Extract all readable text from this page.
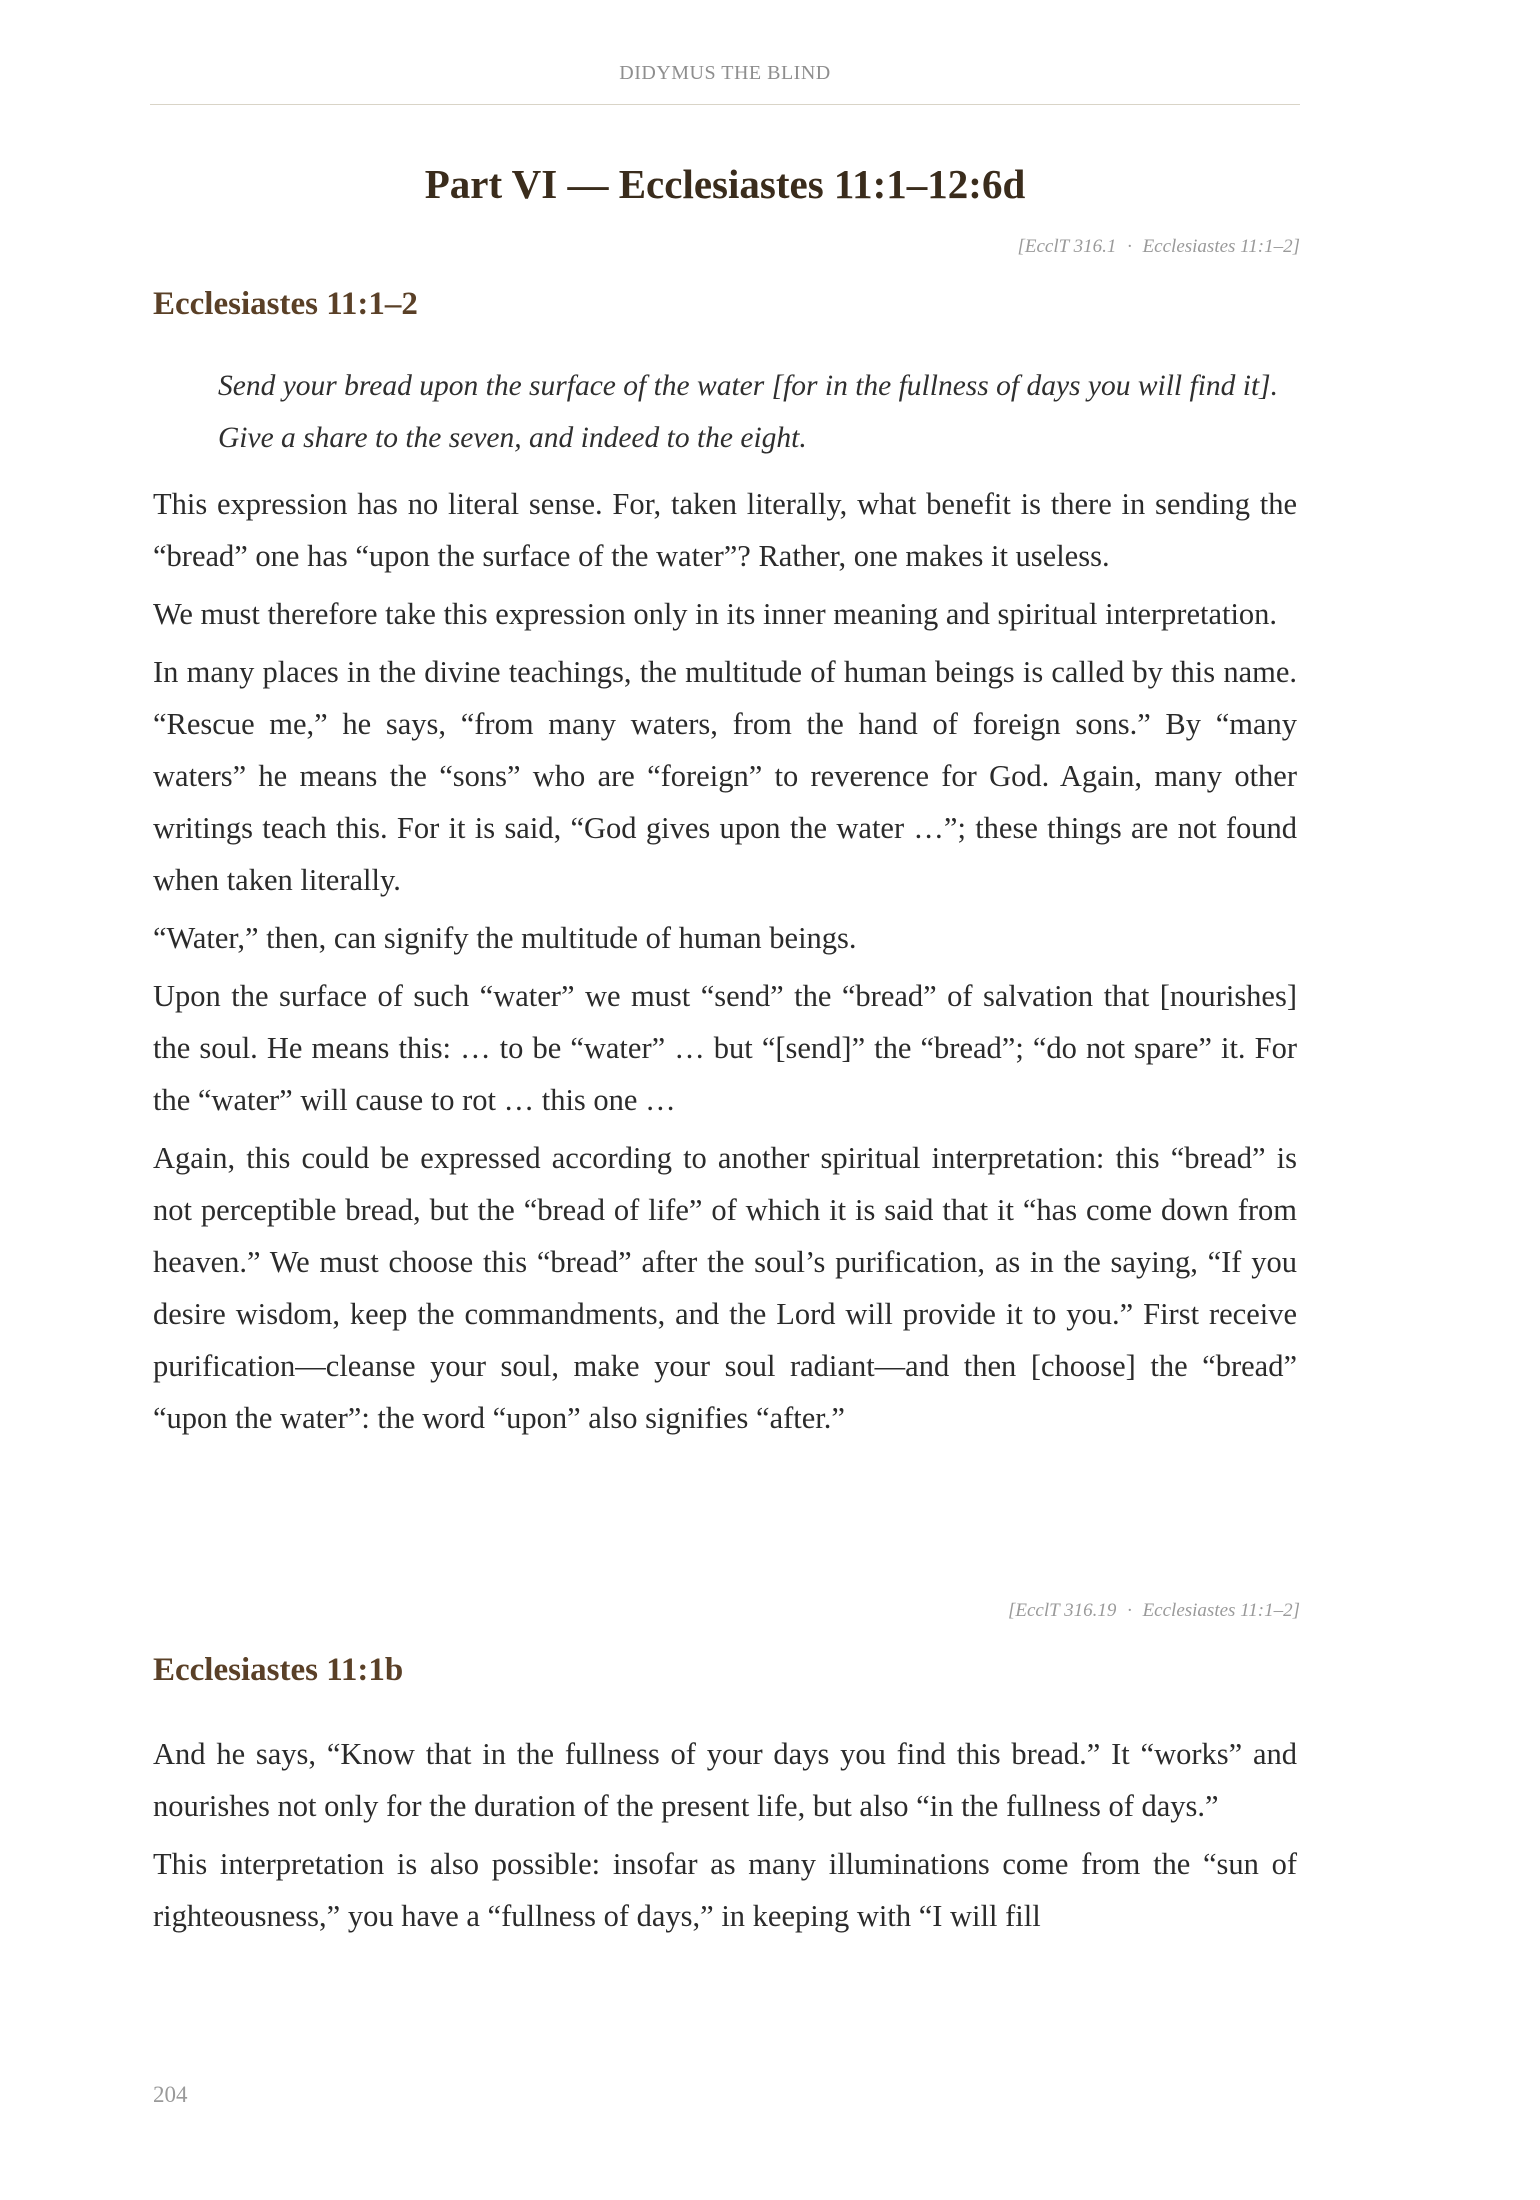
DIDYMUS THE BLIND
Part VI — Ecclesiastes 11:1–12:6d
[EcclT 316.1 · Ecclesiastes 11:1–2]
Ecclesiastes 11:1–2
Send your bread upon the surface of the water [for in the fullness of days you will find it]. Give a share to the seven, and indeed to the eight.

This expression has no literal sense. For, taken literally, what benefit is there in sending the “bread” one has “upon the surface of the water”? Rather, one makes it useless.

We must therefore take this expression only in its inner meaning and spiritual interpretation.

In many places in the divine teachings, the multitude of human beings is called by this name. “Rescue me,” he says, “from many waters, from the hand of foreign sons.” By “many waters” he means the “sons” who are “foreign” to reverence for God. Again, many other writings teach this. For it is said, “God gives upon the water …”; these things are not found when taken literally.

“Water,” then, can signify the multitude of human beings.

Upon the surface of such “water” we must “send” the “bread” of salvation that [nourishes] the soul. He means this: … to be “water” … but “[send]” the “bread”; “do not spare” it. For the “water” will cause to rot … this one …

Again, this could be expressed according to another spiritual interpretation: this “bread” is not perceptible bread, but the “bread of life” of which it is said that it “has come down from heaven.” We must choose this “bread” after the soul’s purification, as in the saying, “If you desire wisdom, keep the commandments, and the Lord will provide it to you.” First receive purification—cleanse your soul, make your soul radiant—and then [choose] the “bread” “upon the water”: the word “upon” also signifies “after.”

[EcclT 316.19 · Ecclesiastes 11:1–2]
Ecclesiastes 11:1b

And he says, “Know that in the fullness of your days you find this bread.” It “works” and nourishes not only for the duration of the present life, but also “in the fullness of days.”

This interpretation is also possible: insofar as many illuminations come from the “sun of righteousness,” you have a “fullness of days,” in keeping with “I will fill

204
